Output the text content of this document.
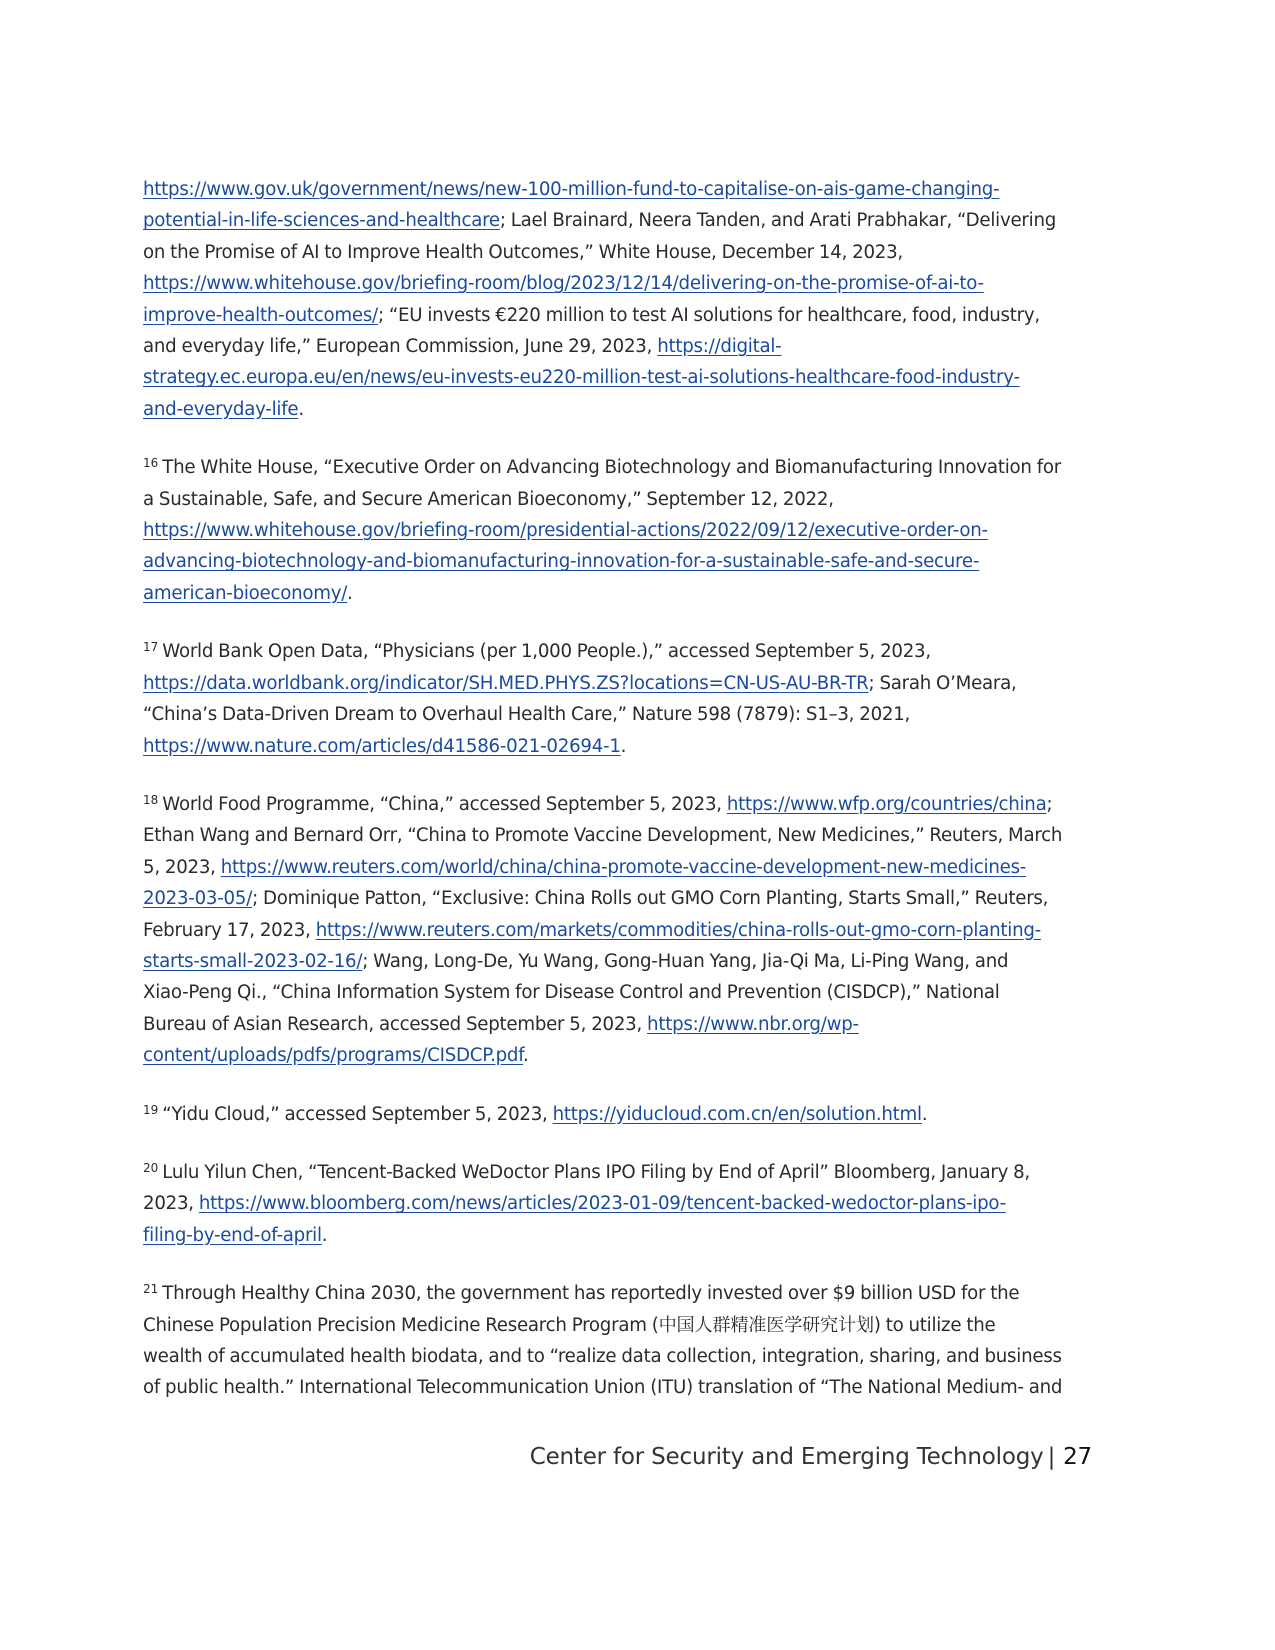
https://www.gov.uk/government/news/new-100-million-fund-to-capitalise-on-ais-game-changing-
potential-in-life-sciences-and-healthcare; Lael Brainard, Neera Tanden, and Arati Prabhakar, “Delivering
on the Promise of AI to Improve Health Outcomes,” White House, December 14, 2023,
https://www.whitehouse.gov/briefing-room/blog/2023/12/14/delivering-on-the-promise-of-ai-to-
improve-health-outcomes/; “EU invests €220 million to test AI solutions for healthcare, food, industry,
and everyday life,” European Commission, June 29, 2023, https://digital-
strategy.ec.europa.eu/en/news/eu-invests-eu220-million-test-ai-solutions-healthcare-food-industry-
and-everyday-life.
$^{16}$ The White House, “Executive Order on Advancing Biotechnology and Biomanufacturing Innovation for
a Sustainable, Safe, and Secure American Bioeconomy,” September 12, 2022,
https://www.whitehouse.gov/briefing-room/presidential-actions/2022/09/12/executive-order-on-
advancing-biotechnology-and-biomanufacturing-innovation-for-a-sustainable-safe-and-secure-
american-bioeconomy/.
$^{17}$ World Bank Open Data, “Physicians (per 1,000 People.),” accessed September 5, 2023,
https://data.worldbank.org/indicator/SH.MED.PHYS.ZS?locations=CN-US-AU-BR-TR; Sarah O’Meara,
“China’s Data-Driven Dream to Overhaul Health Care,” Nature 598 (7879): S1–3, 2021,
https://www.nature.com/articles/d41586-021-02694-1.
$^{18}$ World Food Programme, “China,” accessed September 5, 2023, https://www.wfp.org/countries/china;
Ethan Wang and Bernard Orr, “China to Promote Vaccine Development, New Medicines,” Reuters, March
5, 2023, https://www.reuters.com/world/china/china-promote-vaccine-development-new-medicines-
2023-03-05/; Dominique Patton, “Exclusive: China Rolls out GMO Corn Planting, Starts Small,” Reuters,
February 17, 2023, https://www.reuters.com/markets/commodities/china-rolls-out-gmo-corn-planting-
starts-small-2023-02-16/; Wang, Long-De, Yu Wang, Gong-Huan Yang, Jia-Qi Ma, Li-Ping Wang, and
Xiao-Peng Qi., “China Information System for Disease Control and Prevention (CISDCP),” National
Bureau of Asian Research, accessed September 5, 2023, https://www.nbr.org/wp-
content/uploads/pdfs/programs/CISDCP.pdf.
$^{19}$ “Yidu Cloud,” accessed September 5, 2023, https://yiducloud.com.cn/en/solution.html.
$^{20}$ Lulu Yilun Chen, “Tencent-Backed WeDoctor Plans IPO Filing by End of April” Bloomberg, January 8,
2023, https://www.bloomberg.com/news/articles/2023-01-09/tencent-backed-wedoctor-plans-ipo-
filing-by-end-of-april.
$^{21}$ Through Healthy China 2030, the government has reportedly invested over $9 billion USD for the
Chinese Population Precision Medicine Research Program (中国人群精准医学研究计划) to utilize the
wealth of accumulated health biodata, and to “realize data collection, integration, sharing, and business
of public health.” International Telecommunication Union (ITU) translation of “The National Medium- and
Center for Security and Emerging Technology | 27
